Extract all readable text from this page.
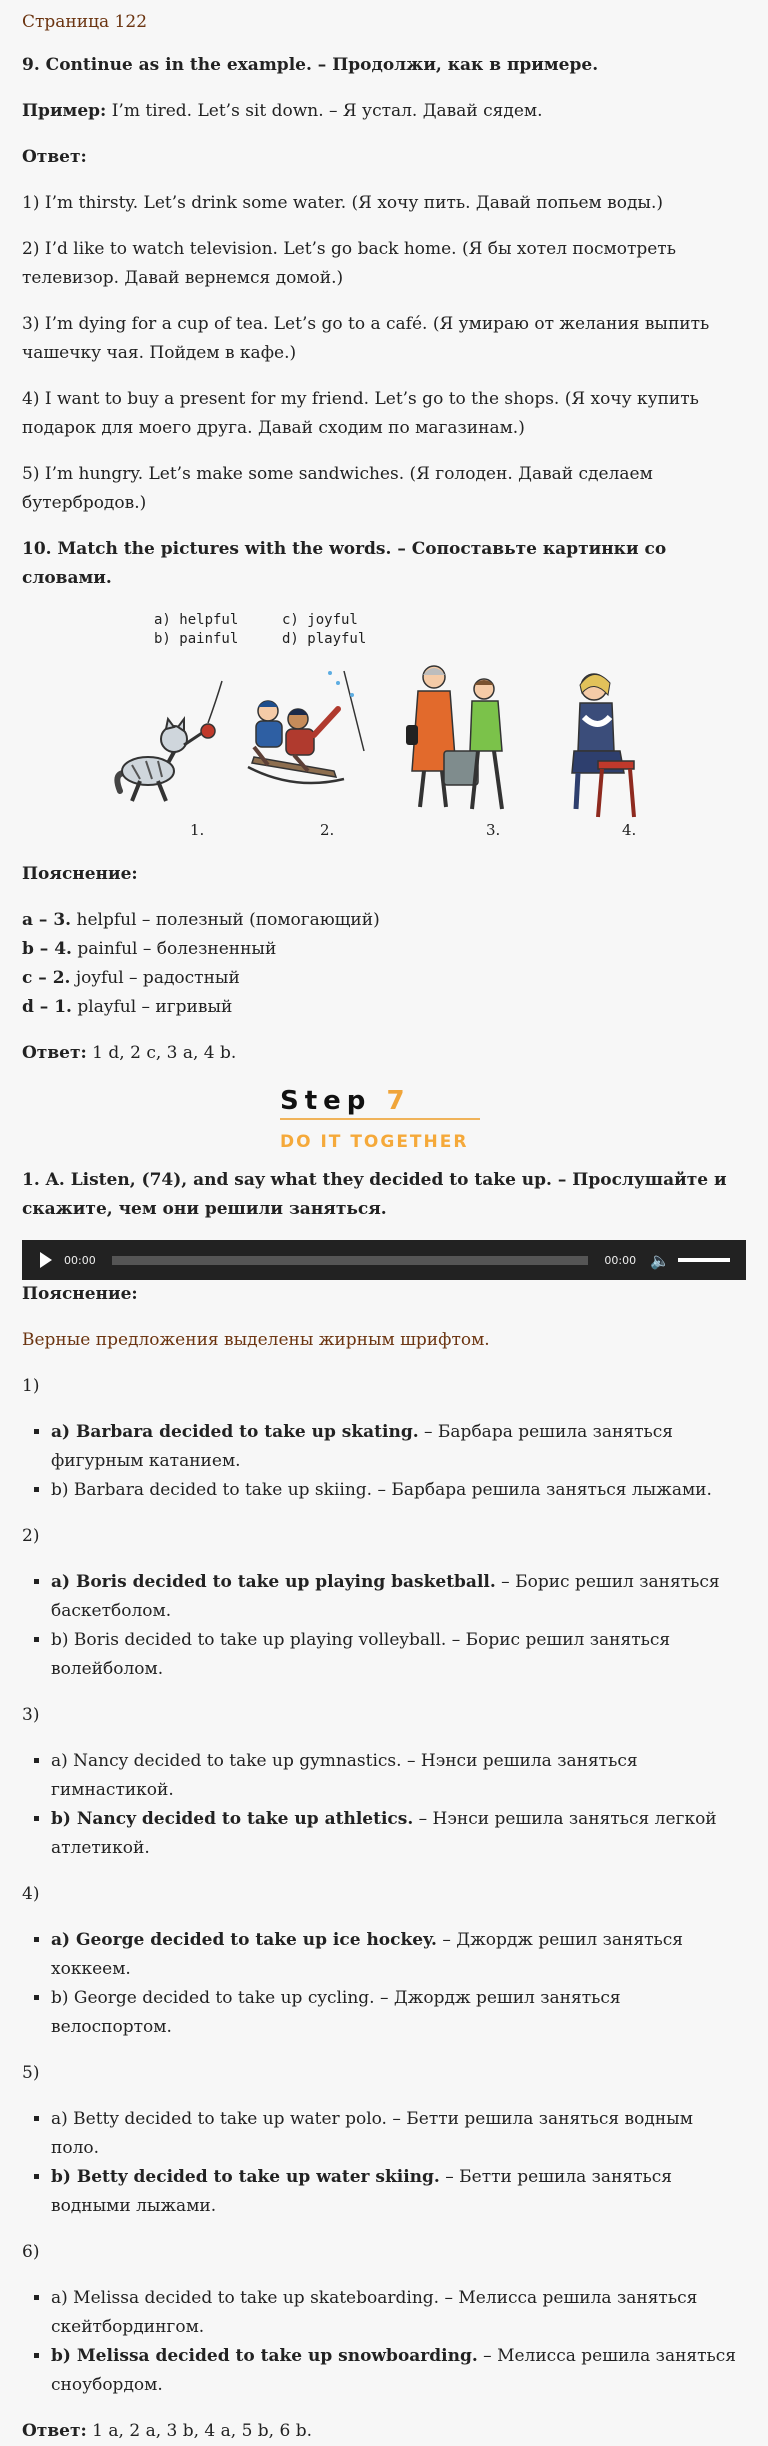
Страница 122

9. Continue as in the example. – Продолжи, как в примере.

Пример: I’m tired. Let’s sit down. – Я устал. Давай сядем.

Ответ:

1) I’m thirsty. Let’s drink some water. (Я хочу пить. Давай попьем воды.)

2) I’d like to watch television. Let’s go back home. (Я бы хотел посмотреть телевизор. Давай вернемся домой.)

3) I’m dying for a cup of tea. Let’s go to a café. (Я умираю от желания выпить чашечку чая. Пойдем в кафе.)

4) I want to buy a present for my friend. Let’s go to the shops. (Я хочу купить подарок для моего друга. Давай сходим по магазинам.)

5) I’m hungry. Let’s make some sandwiches. (Я голоден. Давай сделаем бутербродов.)

10. Match the pictures with the words. – Сопоставьте картинки со словами.

a) helpful	c) joyful
b) painful	d) playful
1.	2.	3.	4.

Пояснение:

a – 3. helpful – полезный (помогающий)

b – 4. painful – болезненный

c – 2. joyful – радостный

d – 1. playful – игривый

Ответ: 1 d, 2 c, 3 a, 4 b.

Step 7
DO IT TOGETHER

1. A. Listen, (74), and say what they decided to take up. – Прослушайте и скажите, чем они решили заняться.

00:00	00:00 🔈

Пояснение:

Верные предложения выделены жирным шрифтом.

1)

▪ a) Barbara decided to take up skating. – Барбара решила заняться фигурным катанием.
▪ b) Barbara decided to take up skiing. – Барбара решила заняться лыжами.

2)

▪ a) Boris decided to take up playing basketball. – Борис решил заняться баскетболом.
▪ b) Boris decided to take up playing volleyball. – Борис решил заняться волейболом.

3)

▪ a) Nancy decided to take up gymnastics. – Нэнси решила заняться гимнастикой.
▪ b) Nancy decided to take up athletics. – Нэнси решила заняться легкой атлетикой.

4)

▪ a) George decided to take up ice hockey. – Джордж решил заняться хоккеем.
▪ b) George decided to take up cycling. – Джордж решил заняться велоспортом.

5)

▪ a) Betty decided to take up water polo. – Бетти решила заняться водным поло.
▪ b) Betty decided to take up water skiing. – Бетти решила заняться водными лыжами.

6)

▪ a) Melissa decided to take up skateboarding. – Мелисса решила заняться скейтбордингом.
▪ b) Melissa decided to take up snowboarding. – Мелисса решила заняться сноубордом.

Ответ: 1 a, 2 a, 3 b, 4 a, 5 b, 6 b.
